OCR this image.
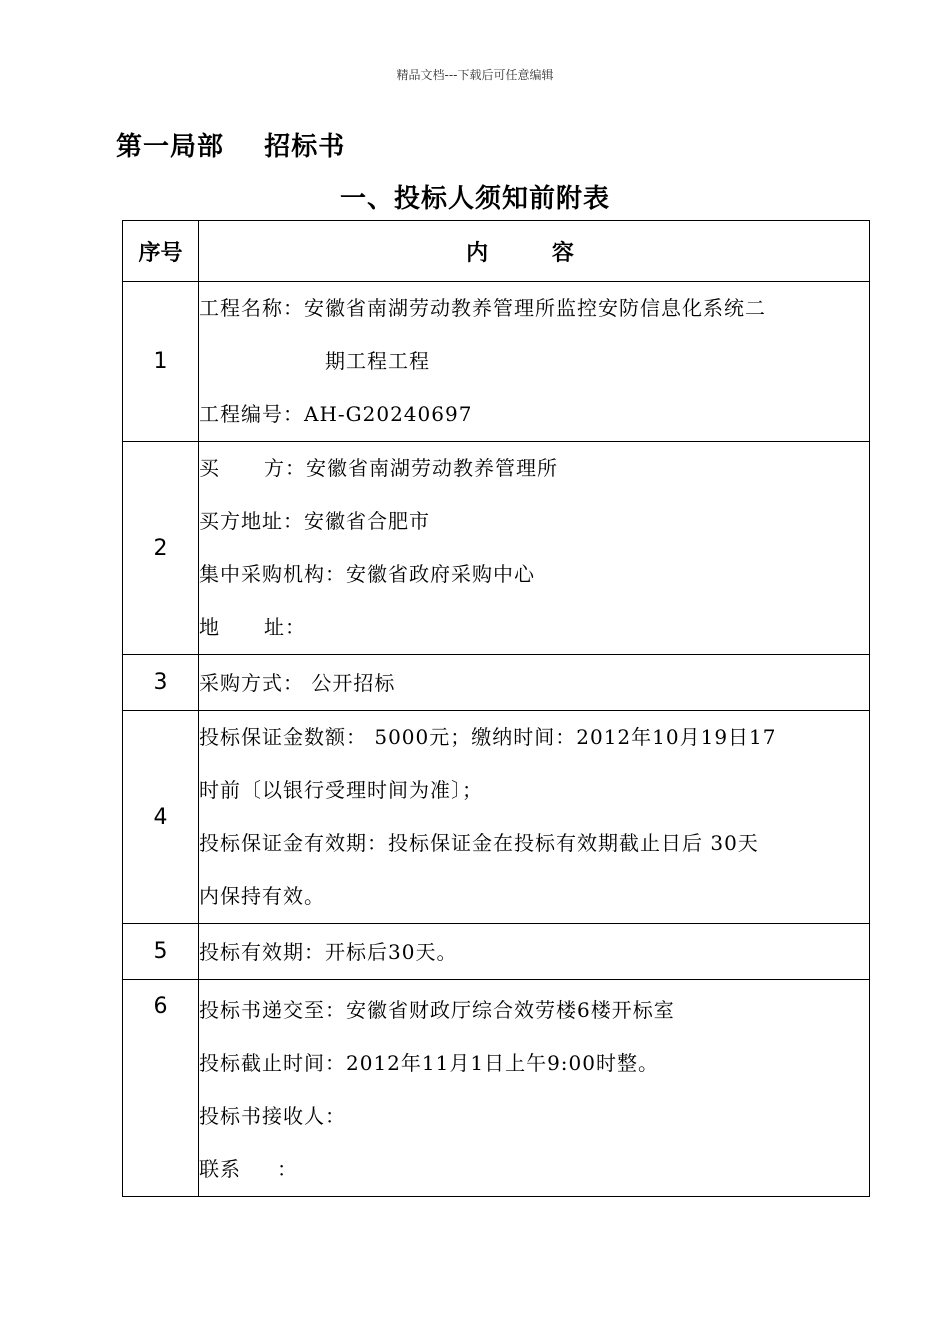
精品文档---下载后可任意编辑
第一局部    招标书
一、投标人须知前附表
序号	内 容
1	工程名称：安徽省南湖劳动教养管理所监控安防信息化系统二
期工程工程
工程编号：AH-G20240697

2	买 方：安徽省南湖劳动教养管理所
买方地址：安徽省合肥市
集中采购机构：安徽省政府采购中心
地 址：

3	采购方式： 公开招标

4	投标保证金数额： 5000元；缴纳时间：2012年10月19日17
时前〔以银行受理时间为准〕；
投标保证金有效期：投标保证金在投标有效期截止日后 30天
内保持有效。

5	投标有效期：开标后30天。

6	投标书递交至：安徽省财政厅综合效劳楼6楼开标室
投标截止时间：2012年11月1日上午9:00时整。
投标书接收人：
联系 ：
